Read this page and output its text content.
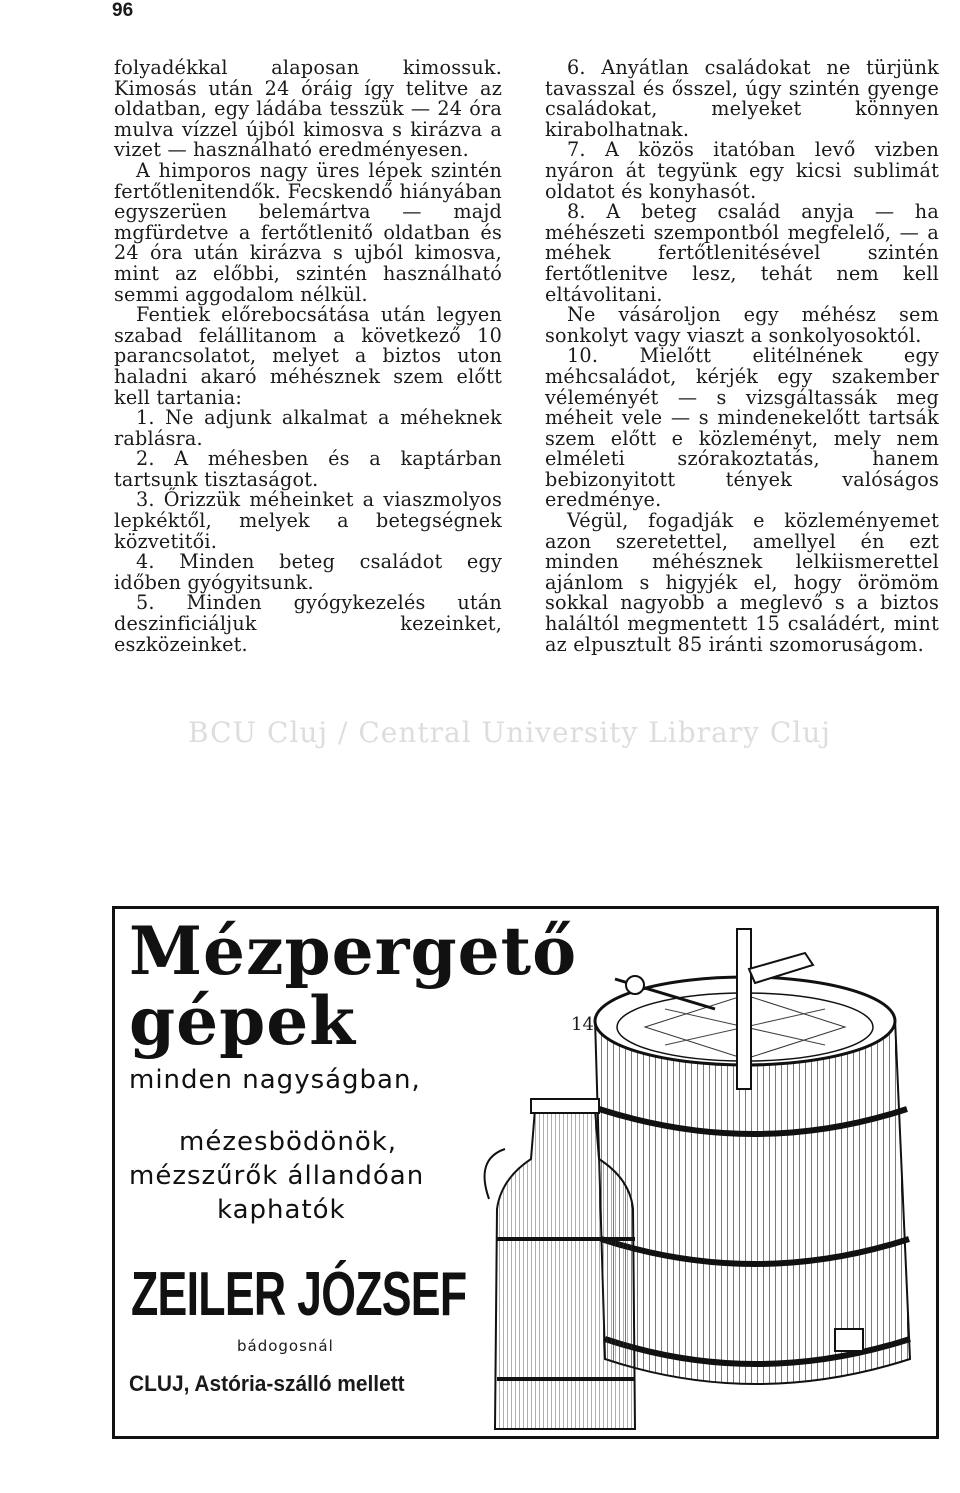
96

folyadékkal alaposan kimossuk. Kimosás után 24 óráig így telitve az oldatban, egy ládába tesszük — 24 óra mulva vízzel újból kimosva s kirázva a vizet — használható eredményesen.

A himporos nagy üres lépek szintén fertőtlenitendők. Fecskendő hiányában egyszerüen belemártva — majd mgfürdetve a fertőtlenitő oldatban és 24 óra után kirázva s ujból kimosva, mint az előbbi, szintén használható semmi aggodalom nélkül.

Fentiek előrebocsátása után legyen szabad felállitanom a következő 10 parancsolatot, melyet a biztos uton haladni akaró méhésznek szem előtt kell tartania:

1. Ne adjunk alkalmat a méheknek rablásra.

2. A méhesben és a kaptárban tartsunk tisztaságot.

3. Őrizzük méheinket a viaszmolyos lepkéktől, melyek a betegségnek közvetitői.

4. Minden beteg családot egy időben gyógyitsunk.

5. Minden gyógykezelés után deszinficiáljuk kezeinket, eszközeinket.

6. Anyátlan családokat ne türjünk tavasszal és ősszel, úgy szintén gyenge családokat, melyeket könnyen kirabolhatnak.

7. A közös itatóban levő vizben nyáron át tegyünk egy kicsi sublimát oldatot és konyhasót.

8. A beteg család anyja — ha méhészeti szempontból megfelelő, — a méhek fertőtlenitésével szintén fertőtlenitve lesz, tehát nem kell eltávolitani.

Ne vásároljon egy méhész sem sonkolyt vagy viaszt a sonkolyosoktól.

10. Mielőtt elitélnének egy méhcsaládot, kérjék egy szakember véleményét — s vizsgáltassák meg méheit vele — s mindenekelőtt tartsák szem előtt e közleményt, mely nem elméleti szórakoztatás, hanem bebizonyitott tények valóságos eredménye.

Végül, fogadják e közleményemet azon szeretettel, amellyel én ezt minden méhésznek lelkiismerettel ajánlom s higyjék el, hogy örömöm sokkal nagyobb a meglevő s a biztos haláltól megmentett 15 családért, mint az elpusztult 85 iránti szomoruságom.

BCU Cluj / Central University Library Cluj
Mézpergető
gépek
minden nagyságban,
mézesbödönök,
mézszűrők állandóan
kaphatók
ZEILER JÓZSEF
bádogosnál
CLUJ, Astória-szálló mellett
14
